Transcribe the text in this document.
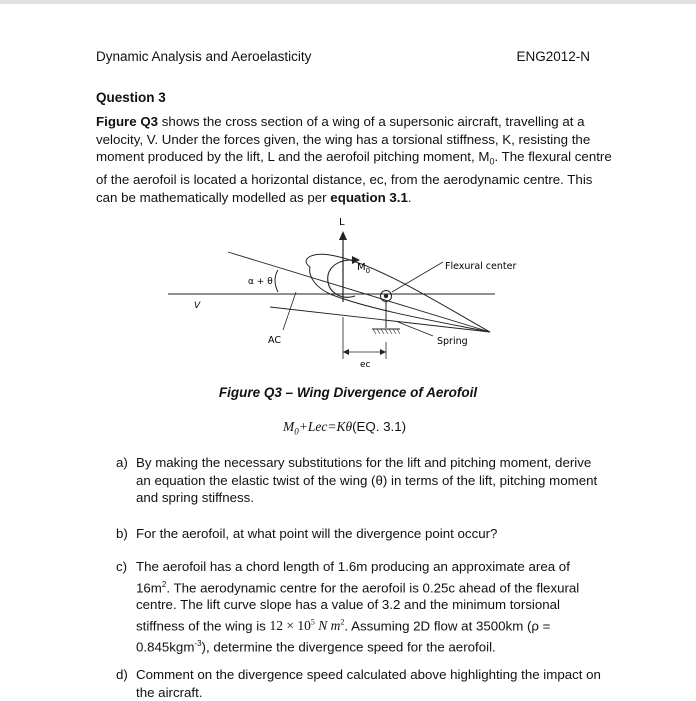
Dynamic Analysis and Aeroelasticity	ENG2012-N
Question 3
Figure Q3 shows the cross section of a wing of a supersonic aircraft, travelling at a velocity, V. Under the forces given, the wing has a torsional stiffness, K, resisting the moment produced by the lift, L and the aerofoil pitching moment, $M_0$. The flexural centre of the aerofoil is located a horizontal distance, ec, from the aerodynamic centre. This can be mathematically modelled as per equation 3.1.
L
$M_0$	Flexural center
Spring
α + θ
V
AC
ec
Figure Q3 – Wing Divergence of Aerofoil
$M_0+Lec=K\theta(EQ$. 3.1)
a) By making the necessary substitutions for the lift and pitching moment, derive an equation the elastic twist of the wing (θ) in terms of the lift, pitching moment and spring stiffness.
b) For the aerofoil, at what point will the divergence point occur?
c) The aerofoil has a chord length of 1.6m producing an approximate area of $16m^2$. The aerodynamic centre for the aerofoil is 0.25c ahead of the flexural centre. The lift curve slope has a value of 3.2 and the minimum torsional stiffness of the wing is $12 \times 10^5$ N $m^2$. Assuming 2D flow at 3500km (ρ = 0.845kgm$^{-3}$), determine the divergence speed for the aerofoil.
d) Comment on the divergence speed calculated above highlighting the impact on the aircraft.
